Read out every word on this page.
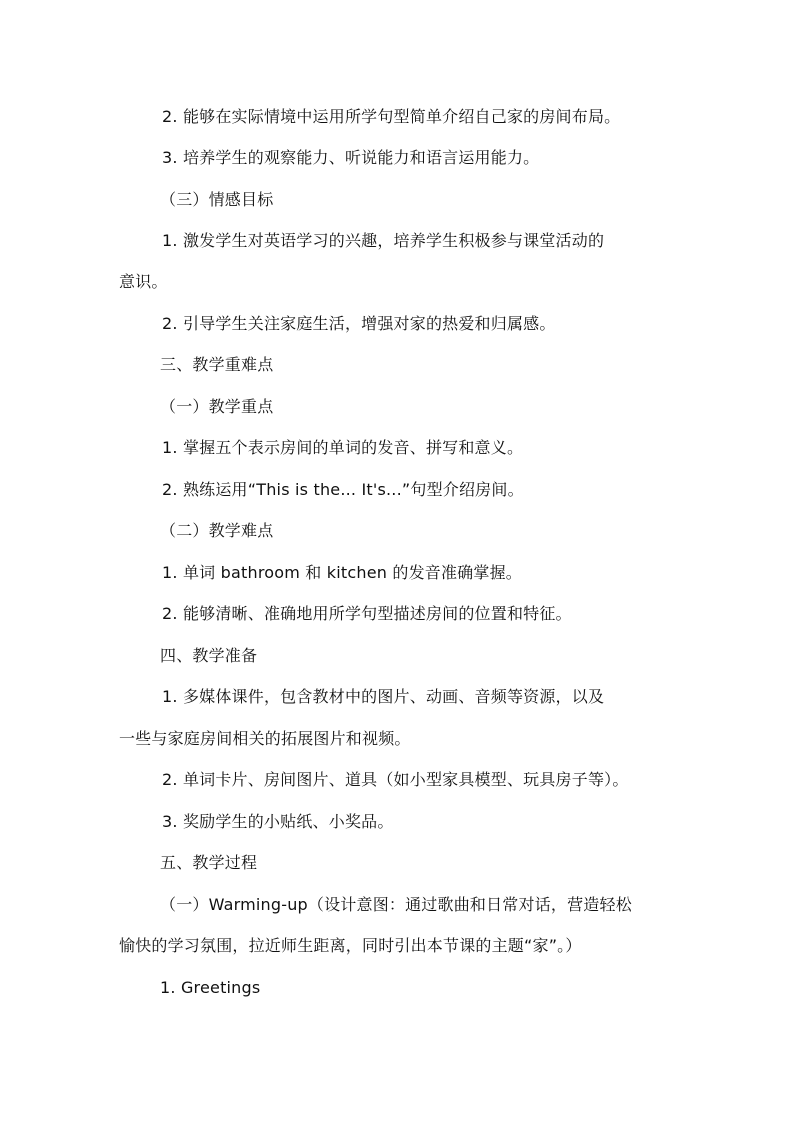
2. 能够在实际情境中运用所学句型简单介绍自己家的房间布局。
3. 培养学生的观察能力、听说能力和语言运用能力。
（三）情感目标
1. 激发学生对英语学习的兴趣，培养学生积极参与课堂活动的
意识。
2. 引导学生关注家庭生活，增强对家的热爱和归属感。
三、教学重难点
（一）教学重点
1. 掌握五个表示房间的单词的发音、拼写和意义。
2. 熟练运用“This is the... It's...”句型介绍房间。
（二）教学难点
1. 单词 bathroom 和 kitchen 的发音准确掌握。
2. 能够清晰、准确地用所学句型描述房间的位置和特征。
四、教学准备
1. 多媒体课件，包含教材中的图片、动画、音频等资源，以及
一些与家庭房间相关的拓展图片和视频。
2. 单词卡片、房间图片、道具（如小型家具模型、玩具房子等）。
3. 奖励学生的小贴纸、小奖品。
五、教学过程
（一）Warming-up（设计意图：通过歌曲和日常对话，营造轻松
愉快的学习氛围，拉近师生距离，同时引出本节课的主题“家”。）
1. Greetings
